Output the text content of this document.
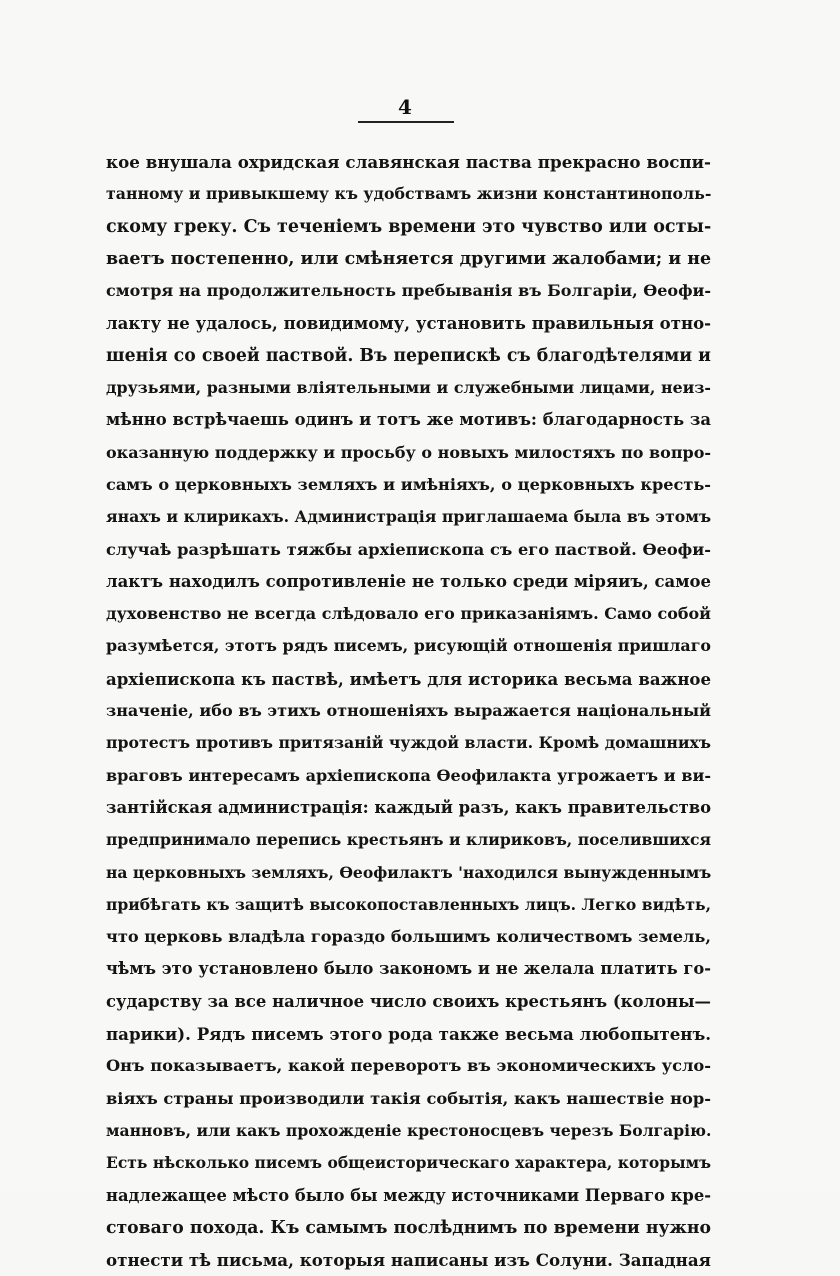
4
кое внушала охридская славянская паства прекрасно воспи-
танному и привыкшему къ удобствамъ жизни константинополь-
скому греку. Съ теченіемъ времени это чувство или осты-
ваетъ постепенно, или смѣняется другими жалобами; и не
смотря на продолжительность пребыванія въ Болгаріи, Ѳеофи-
лакту не удалось, повидимому, установить правильныя отно-
шенія со своей паствой. Въ перепискѣ съ благодѣтелями и
друзьями, разными вліятельными и служебными лицами, неиз-
мѣнно встрѣчаешь одинъ и тотъ же мотивъ: благодарность за
оказанную поддержку и просьбу о новыхъ милостяхъ по вопро-
самъ о церковныхъ земляхъ и имѣніяхъ, о церковныхъ кресть-
янахъ и клирикахъ. Администрація приглашаема была въ этомъ
случаѣ разрѣшать тяжбы архіепископа съ его паствой. Ѳеофи-
лактъ находилъ сопротивленіе не только среди міряиъ, самое
духовенство не всегда слѣдовало его приказаніямъ. Само собой
разумѣется, этотъ рядъ писемъ, рисующій отношенія пришлаго
архіепископа къ паствѣ, имѣетъ для историка весьма важное
значеніе, ибо въ этихъ отношеніяхъ выражается національный
протестъ противъ притязаній чуждой власти. Кромѣ домашнихъ
враговъ интересамъ архіепископа Ѳеофилакта угрожаетъ и ви-
зантійская администрація: каждый разъ, какъ правительство
предпринимало перепись крестьянъ и клириковъ, поселившихся
на церковныхъ земляхъ, Ѳеофилактъ 'находился вынужденнымъ
прибѣгать къ защитѣ высокопоставленныхъ лицъ. Легко видѣть,
что церковь владѣла гораздо большимъ количествомъ земель,
чѣмъ это установлено было закономъ и не желала платить го-
сударству за все наличное число своихъ крестьянъ (колоны—
парики). Рядъ писемъ этого рода также весьма любопытенъ.
Онъ показываетъ, какой переворотъ въ экономическихъ усло-
віяхъ страны производили такія событія, какъ нашествіе нор-
манновъ, или какъ прохожденіе крестоносцевъ черезъ Болгарію.
Есть нѣсколько писемъ общеисторическаго характера, которымъ
надлежащее мѣсто было бы между источниками Перваго кре-
стоваго похода. Къ самымъ послѣднимъ по времени нужно
отнести тѣ письма, которыя написаны изъ Солуни. Западная
